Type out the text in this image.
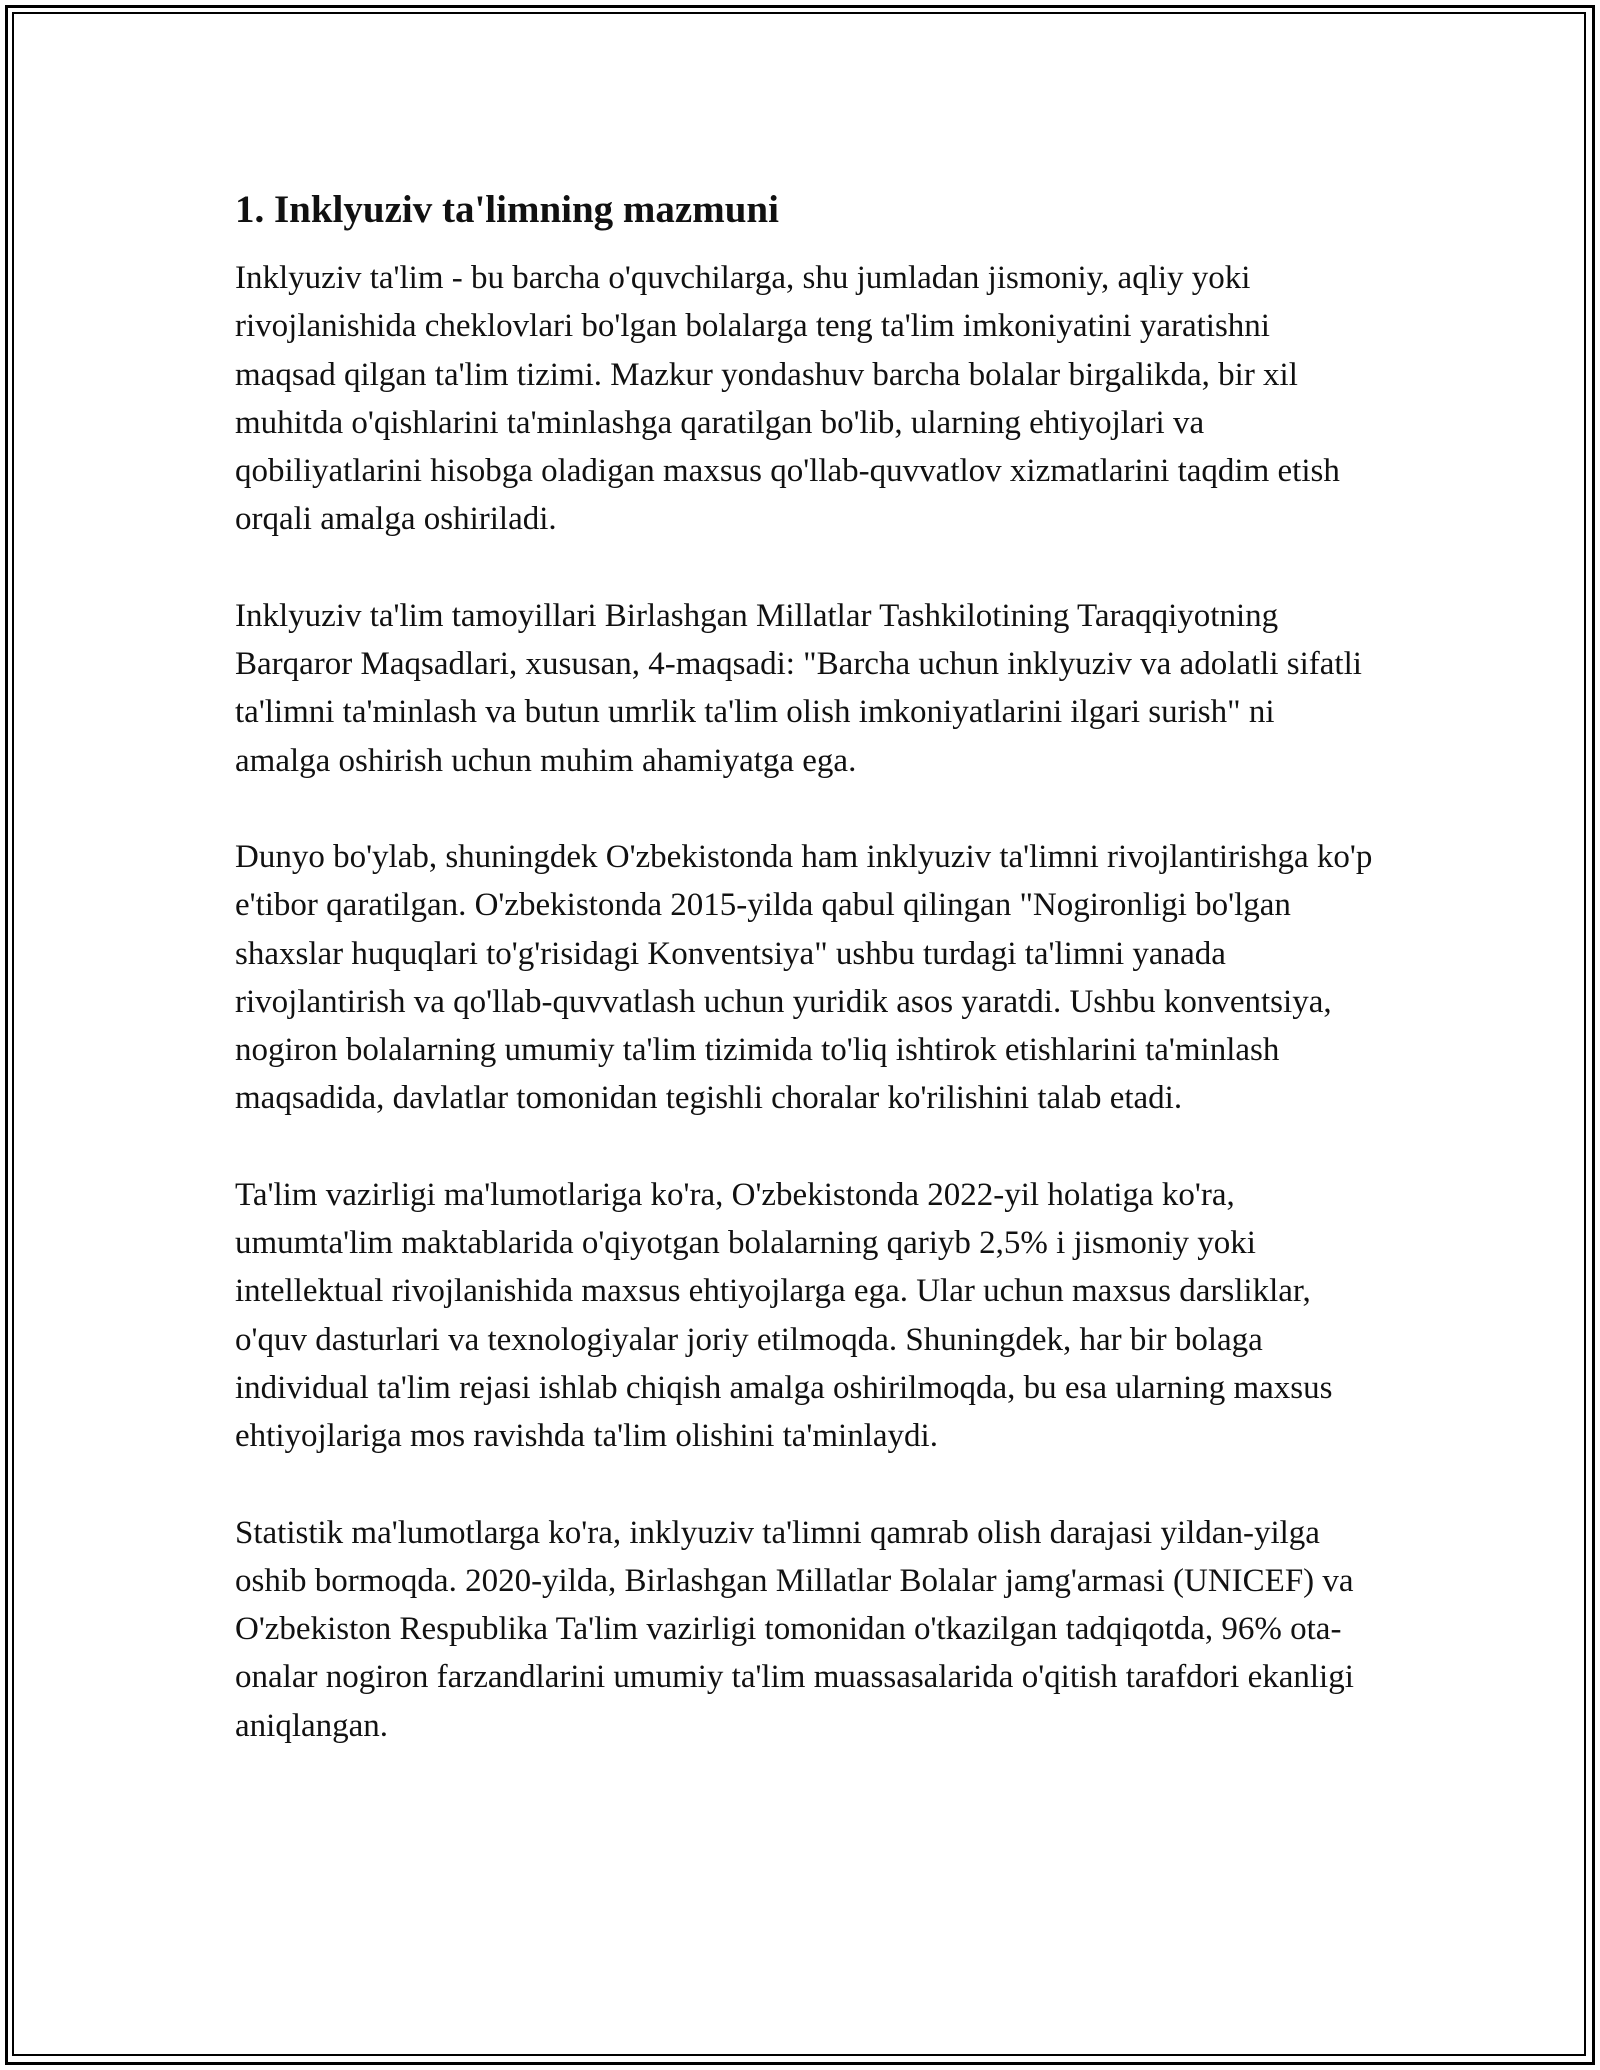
1. Inklyuziv ta'limning mazmuni

Inklyuziv ta'lim - bu barcha o'quvchilarga, shu jumladan jismoniy, aqliy yoki rivojlanishida cheklovlari bo'lgan bolalarga teng ta'lim imkoniyatini yaratishni maqsad qilgan ta'lim tizimi. Mazkur yondashuv barcha bolalar birgalikda, bir xil muhitda o'qishlarini ta'minlashga qaratilgan bo'lib, ularning ehtiyojlari va qobiliyatlarini hisobga oladigan maxsus qo'llab-quvvatlov xizmatlarini taqdim etish orqali amalga oshiriladi.

Inklyuziv ta'lim tamoyillari Birlashgan Millatlar Tashkilotining Taraqqiyotning Barqaror Maqsadlari, xususan, 4-maqsadi: "Barcha uchun inklyuziv va adolatli sifatli ta'limni ta'minlash va butun umrlik ta'lim olish imkoniyatlarini ilgari surish" ni amalga oshirish uchun muhim ahamiyatga ega.

Dunyo bo'ylab, shuningdek O'zbekistonda ham inklyuziv ta'limni rivojlantirishga ko'p e'tibor qaratilgan. O'zbekistonda 2015-yilda qabul qilingan "Nogironligi bo'lgan shaxslar huquqlari to'g'risidagi Konventsiya" ushbu turdagi ta'limni yanada rivojlantirish va qo'llab-quvvatlash uchun yuridik asos yaratdi. Ushbu konventsiya, nogiron bolalarning umumiy ta'lim tizimida to'liq ishtirok etishlarini ta'minlash maqsadida, davlatlar tomonidan tegishli choralar ko'rilishini talab etadi.

Ta'lim vazirligi ma'lumotlariga ko'ra, O'zbekistonda 2022-yil holatiga ko'ra, umumta'lim maktablarida o'qiyotgan bolalarning qariyb 2,5% i jismoniy yoki intellektual rivojlanishida maxsus ehtiyojlarga ega. Ular uchun maxsus darsliklar, o'quv dasturlari va texnologiyalar joriy etilmoqda. Shuningdek, har bir bolaga individual ta'lim rejasi ishlab chiqish amalga oshirilmoqda, bu esa ularning maxsus ehtiyojlariga mos ravishda ta'lim olishini ta'minlaydi.

Statistik ma'lumotlarga ko'ra, inklyuziv ta'limni qamrab olish darajasi yildan-yilga oshib bormoqda. 2020-yilda, Birlashgan Millatlar Bolalar jamg'armasi (UNICEF) va O'zbekiston Respublika Ta'lim vazirligi tomonidan o'tkazilgan tadqiqotda, 96% ota-onalar nogiron farzandlarini umumiy ta'lim muassasalarida o'qitish tarafdori ekanligi aniqlangan.
